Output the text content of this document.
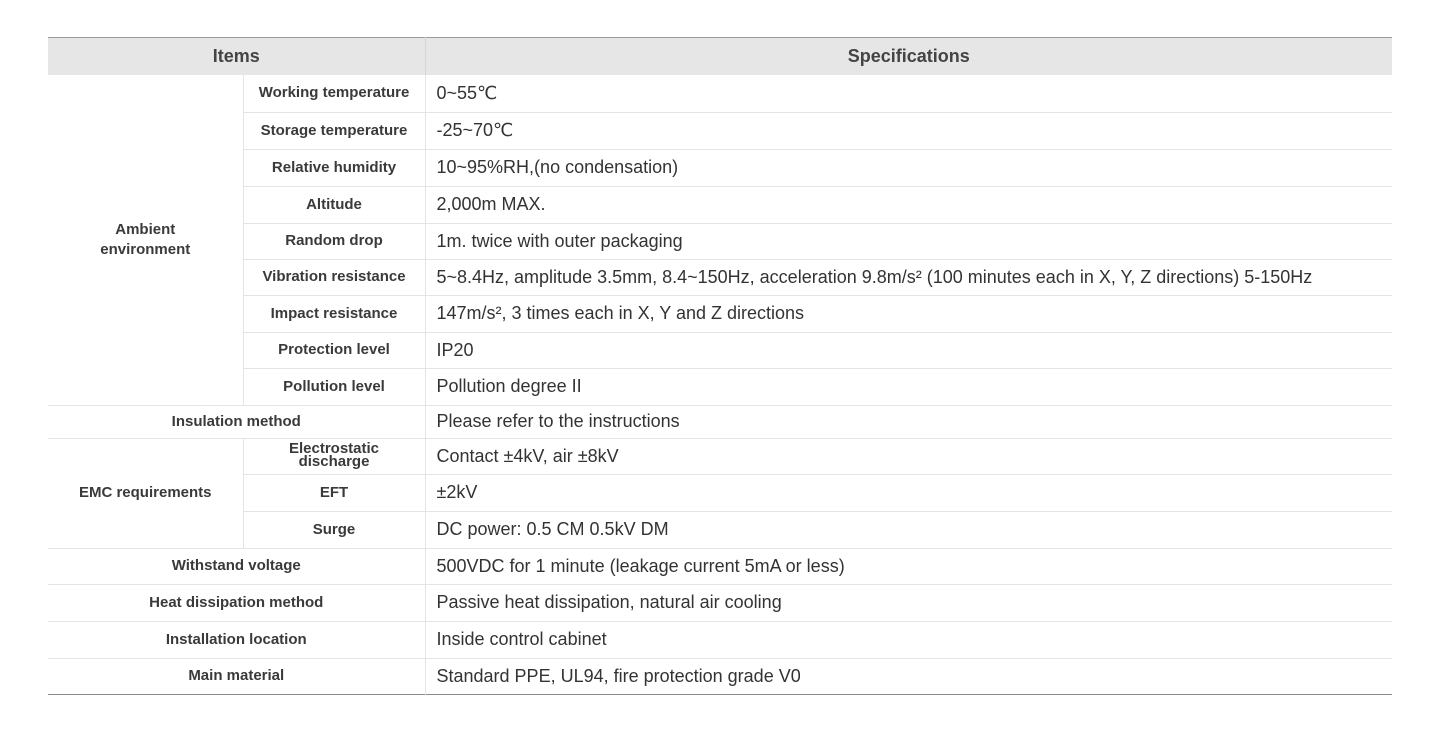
Items		Specifications
Ambient environment	Working temperature	0~55℃
	Storage temperature	-25~70℃
	Relative humidity	10~95%RH,(no condensation)
	Altitude	2,000m MAX.
	Random drop	1m. twice with outer packaging
	Vibration resistance	5~8.4Hz, amplitude 3.5mm, 8.4~150Hz, acceleration 9.8m/s² (100 minutes each in X, Y, Z directions) 5-150Hz
	Impact resistance	147m/s², 3 times each in X, Y and Z directions
	Protection level	IP20
	Pollution level	Pollution degree II
Insulation method		Please refer to the instructions
EMC requirements	Electrostatic discharge	Contact ±4kV, air ±8kV
	EFT	±2kV
	Surge	DC power: 0.5 CM 0.5kV DM
Withstand voltage		500VDC for 1 minute (leakage current 5mA or less)
Heat dissipation method		Passive heat dissipation, natural air cooling
Installation location		Inside control cabinet
Main material		Standard PPE, UL94, fire protection grade V0
